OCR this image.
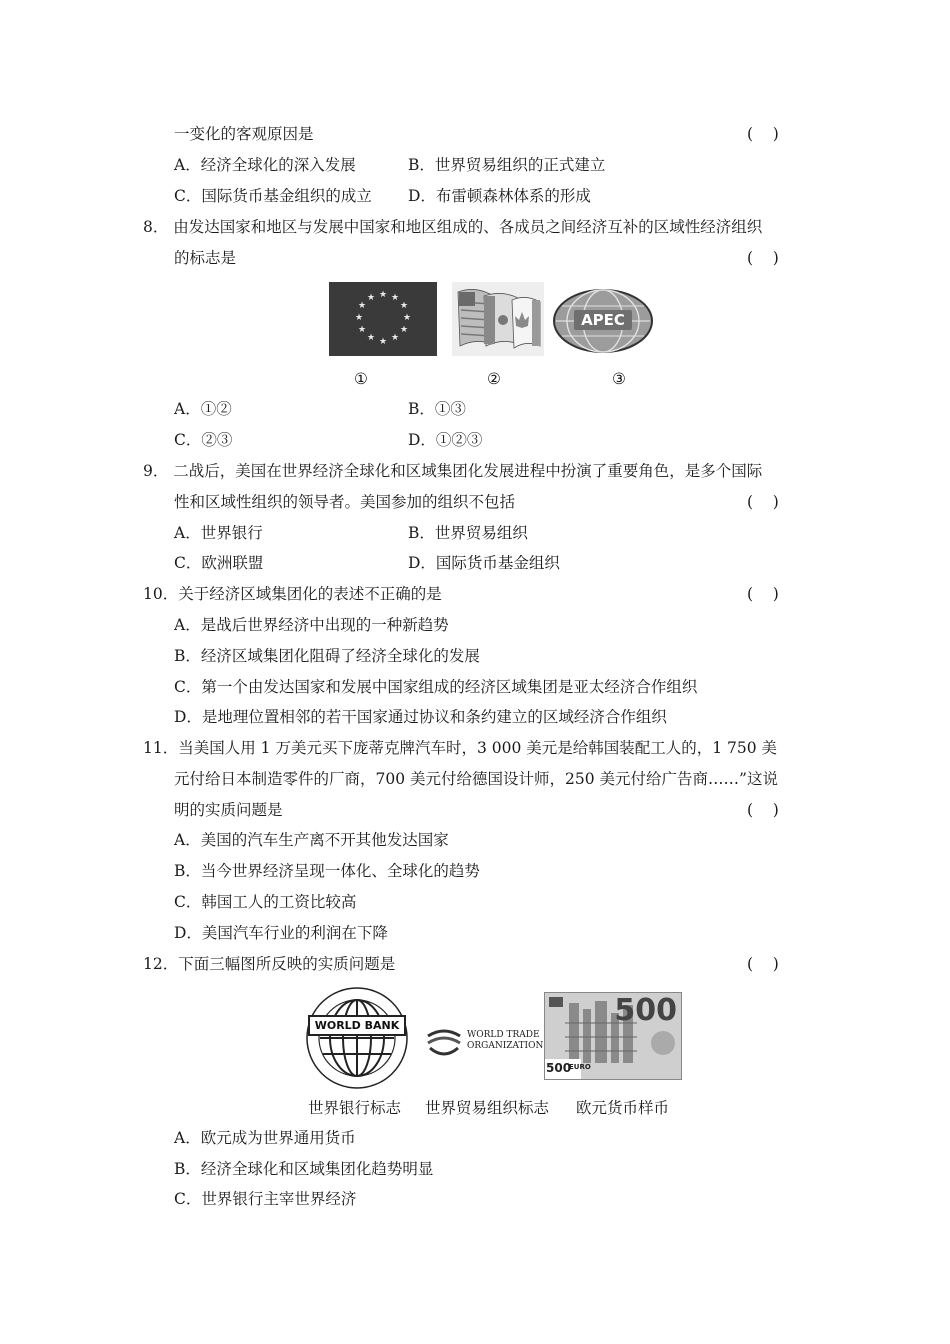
一变化的客观原因是	(    )
A．经济全球化的深入发展	B．世界贸易组织的正式建立
C．国际货币基金组织的成立 D．布雷顿森林体系的形成
8． 由发达国家和地区与发展中国家和地区组成的、各成员之间经济互补的区域性经济组织
的标志是	(    )
★ ★
★
★
★
★
★
★
★
★
★
★
APEC
①	②	③
A．①②	B．①③
C．②③	D．①②③
9． 二战后，美国在世界经济全球化和区域集团化发展进程中扮演了重要角色，是多个国际
性和区域性组织的领导者。美国参加的组织不包括	(    )
A．世界银行	B．世界贸易组织
C．欧洲联盟	D．国际货币基金组织
10．关于经济区域集团化的表述不正确的是	(    )
A．是战后世界经济中出现的一种新趋势
B．经济区域集团化阻碍了经济全球化的发展
C．第一个由发达国家和发展中国家组成的经济区域集团是亚太经济合作组织
D．是地理位置相邻的若干国家通过协议和条约建立的区域经济合作组织
11．当美国人用 1 万美元买下庞蒂克牌汽车时，3 000 美元是给韩国装配工人的，1 750 美
元付给日本制造零件的厂商，700 美元付给德国设计师，250 美元付给广告商……”这说
明的实质问题是	(    )
A．美国的汽车生产离不开其他发达国家
B．当今世界经济呈现一体化、全球化的趋势
C．韩国工人的工资比较高
D．美国汽车行业的利润在下降
12．下面三幅图所反映的实质问题是	(    )
WORLD BANK
WORLD TRADE
ORGANIZATION
500
500
EURO
世界银行标志 世界贸易组织标志 欧元货币样币
A．欧元成为世界通用货币
B．经济全球化和区域集团化趋势明显
C．世界银行主宰世界经济
